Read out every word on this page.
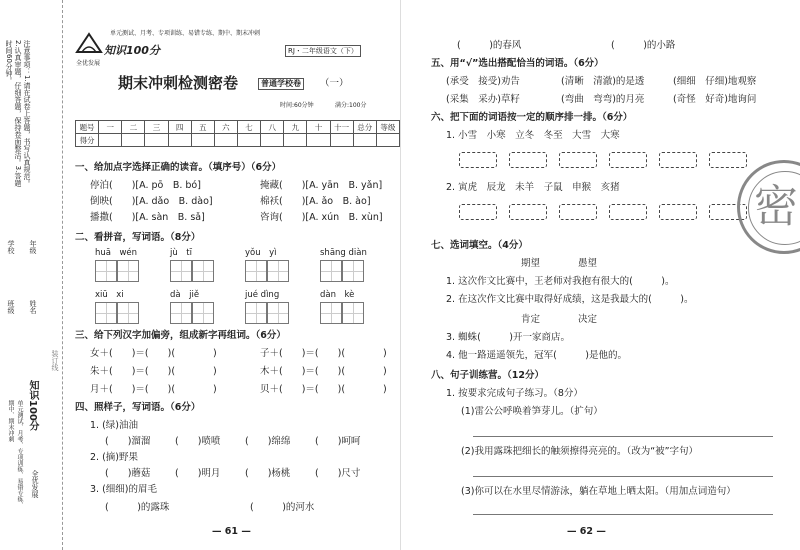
注意事项：1.请在试卷上答题，书写认真规范。2.认真审题，仔细答题，保持卷面整洁。3.答题时间60分钟。
年级
姓名
学校
班级
装订线
单元测试、月考、专项训练、易错专练、期中、期末冲刺	知识100分
全优发展
知识100分
全优发展
单元测试、月考、专项训练、易错专练、期中、期末冲刺
RJ・二年级语文（下）
期末冲刺检测密卷	普通学校卷	（一）
时间:60分钟	满分:100分
题号	一	二	三	四	五	六	七	八	九	十	十一	总分	等级
得分													
一、给加点字选择正确的读音。（填序号）（6分）
停泊(　　)[A. pō　B. bó]	掩藏(　　)[A. yān　B. yǎn]
倒映(　　)[A. dǎo　B. dào]	棉袄(　　)[A. ǎo　B. ào]
播撒(　　)[A. sàn　B. sǎ]	咨询(　　)[A. xún　B. xùn]
二、看拼音，写词语。（8分）
huā　wén	jù　tī	yǒu　yì	shāng diàn
xiū　xi	dà　jiě	jué dìng	dàn　kè
三、给下列汉字加偏旁，组成新字再组词。（6分）
女＋(　　)＝(　　)(　　　　)	子＋(　　)＝(　　)(　　　　)
朱＋(　　)＝(　　)(　　　　)	木＋(　　)＝(　　)(　　　　)
月＋(　　)＝(　　)(　　　　)	贝＋(　　)＝(　　)(　　　　)
四、照样子，写词语。（6分）
1. (绿)油油
(　　)溜溜	(　　)喷喷	(　　)绵绵	(　　)呵呵
2. (摘)野果
(　　)蘑菇	(　　)明月	(　　)杨桃	(　　)尺寸
3. (细细)的眉毛
(　　　)的露珠	(　　　)的河水
— 61 —
(　　　)的春风	(　　　)的小路
五、用“√”选出搭配恰当的词语。（6分）
(承受　接受)劝告	(清晰　清澈)的是透	(细细　仔细)地观察
(采集　采办)草籽	(弯曲　弯弯)的月亮	(奇怪　好奇)地询问
六、把下面的词语按一定的顺序排一排。（6分）
1. 小雪　小寒　立冬　冬至　大雪　大寒
2. 寅虎　辰龙　未羊　子鼠　申猴　亥猪	密
七、选词填空。（4分）
期望　　　　愚望
1. 这次作文比赛中，王老师对我抱有很大的(　　　)。
2. 在这次作文比赛中取得好成绩，这是我最大的(　　　)。
肯定　　　　决定
3. 蜘蛛(　　　)开一家商店。
4. 他一路遥遥领先，冠军(　　　)是他的。
八、句子训练营。（12分）
1. 按要求完成句子练习。（8分）
(1)雷公公呼唤着笋芽儿。（扩句）
(2)我用露珠把细长的触须擦得亮亮的。（改为“被”字句）
(3)你可以在水里尽情游泳，躺在草地上晒太阳。（用加点词造句）
— 62 —
